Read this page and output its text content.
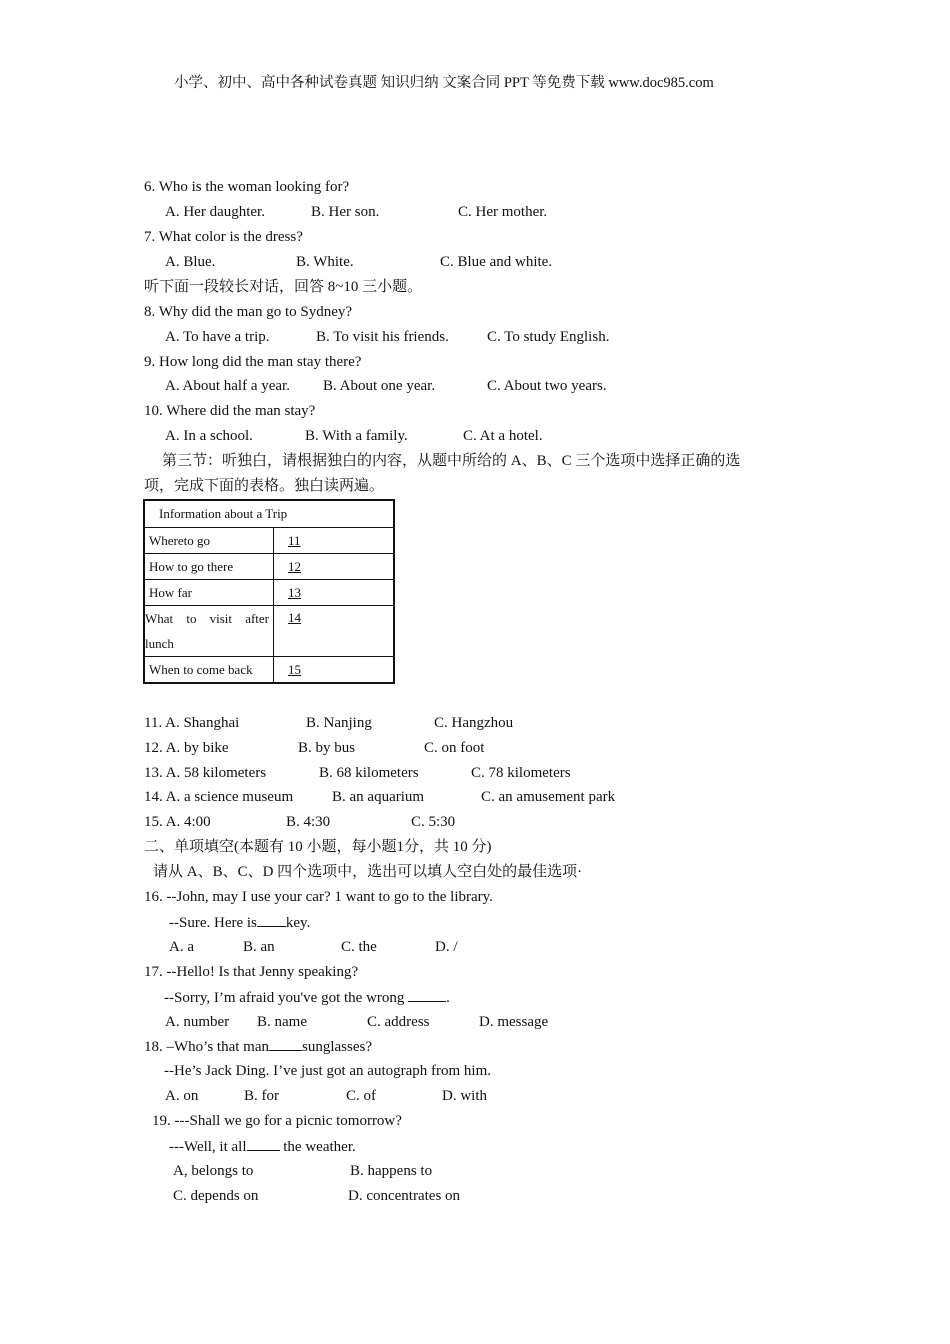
小学、初中、高中各种试卷真题 知识归纳 文案合同 PPT 等免费下载 www.doc985.com
6. Who is the woman looking for?
A. Her daughter.	B. Her son.	C. Her mother.
7. What color is the dress?
A. Blue.	B. White.	C. Blue and white.
听下面一段较长对话，回答 8~10 三小题。
8. Why did the man go to Sydney?
A. To have a trip.	B. To visit his friends.	C. To study English.
9. How long did the man stay there?
A. About half a year. B. About one year.	C. About two years.
10. Where did the man stay?
A. In a school.	B. With a family.	C. At a hotel.
第三节：听独白，请根据独白的内容，从题中所给的 A、B、C 三个选项中选择正确的选
项，完成下面的表格。独白读两遍。
Information about a Trip	
Whereto go	11
How to go there	12
How far	13
What to visit after lunch	14
When to come back	15
11. A. Shanghai	B. Nanjing	C. Hangzhou
12. A. by bike	B. by bus	C. on foot
13. A. 58 kilometers	B. 68 kilometers	C. 78 kilometers
14. A. a science museum	B. an aquarium	C. an amusement park
15. A. 4:00	B. 4:30	C. 5:30
二、单项填空(本题有 10 小题，每小题1分，共 10 分)
请从 A、B、C、D 四个选项中，选出可以填人空白处的最佳选项·
16. --John, may I use your car? 1 want to go to the library.
--Sure. Here is key.
A. a	B. an	C. the	D. /
17. --Hello! Is that Jenny speaking?
--Sorry, I’m afraid you've got the wrong	.
A. number B. name	C. address	D. message
18. –Who’s that man sunglasses?
--He’s Jack Ding. I’ve just got an autograph from him.
A. on	B. for	C. of	D. with
19. ---Shall we go for a picnic tomorrow?
---Well, it all the weather.
A, belongs to	B. happens to
C. depends on	D. concentrates on
